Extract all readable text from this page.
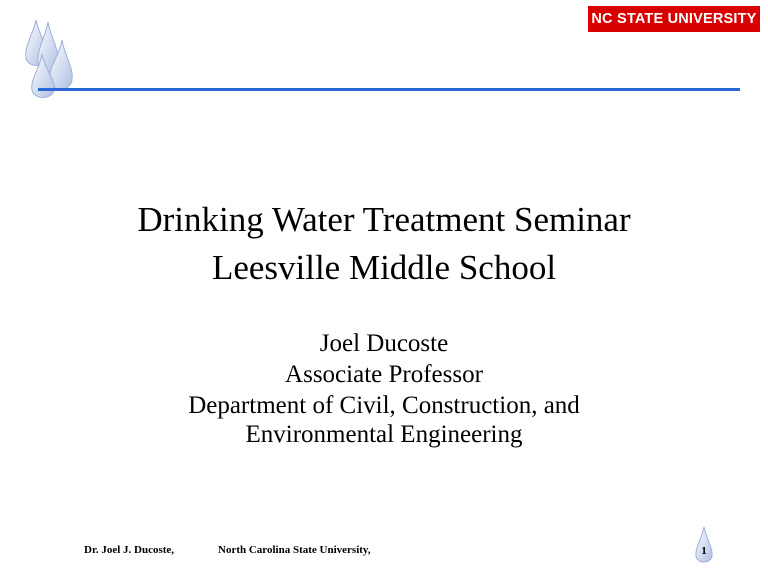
NC STATE UNIVERSITY
Drinking Water Treatment Seminar
Leesville Middle School
Joel Ducoste
Associate Professor
Department of Civil, Construction, and
Environmental Engineering
Dr. Joel J. Ducoste,	North Carolina State University,	1
